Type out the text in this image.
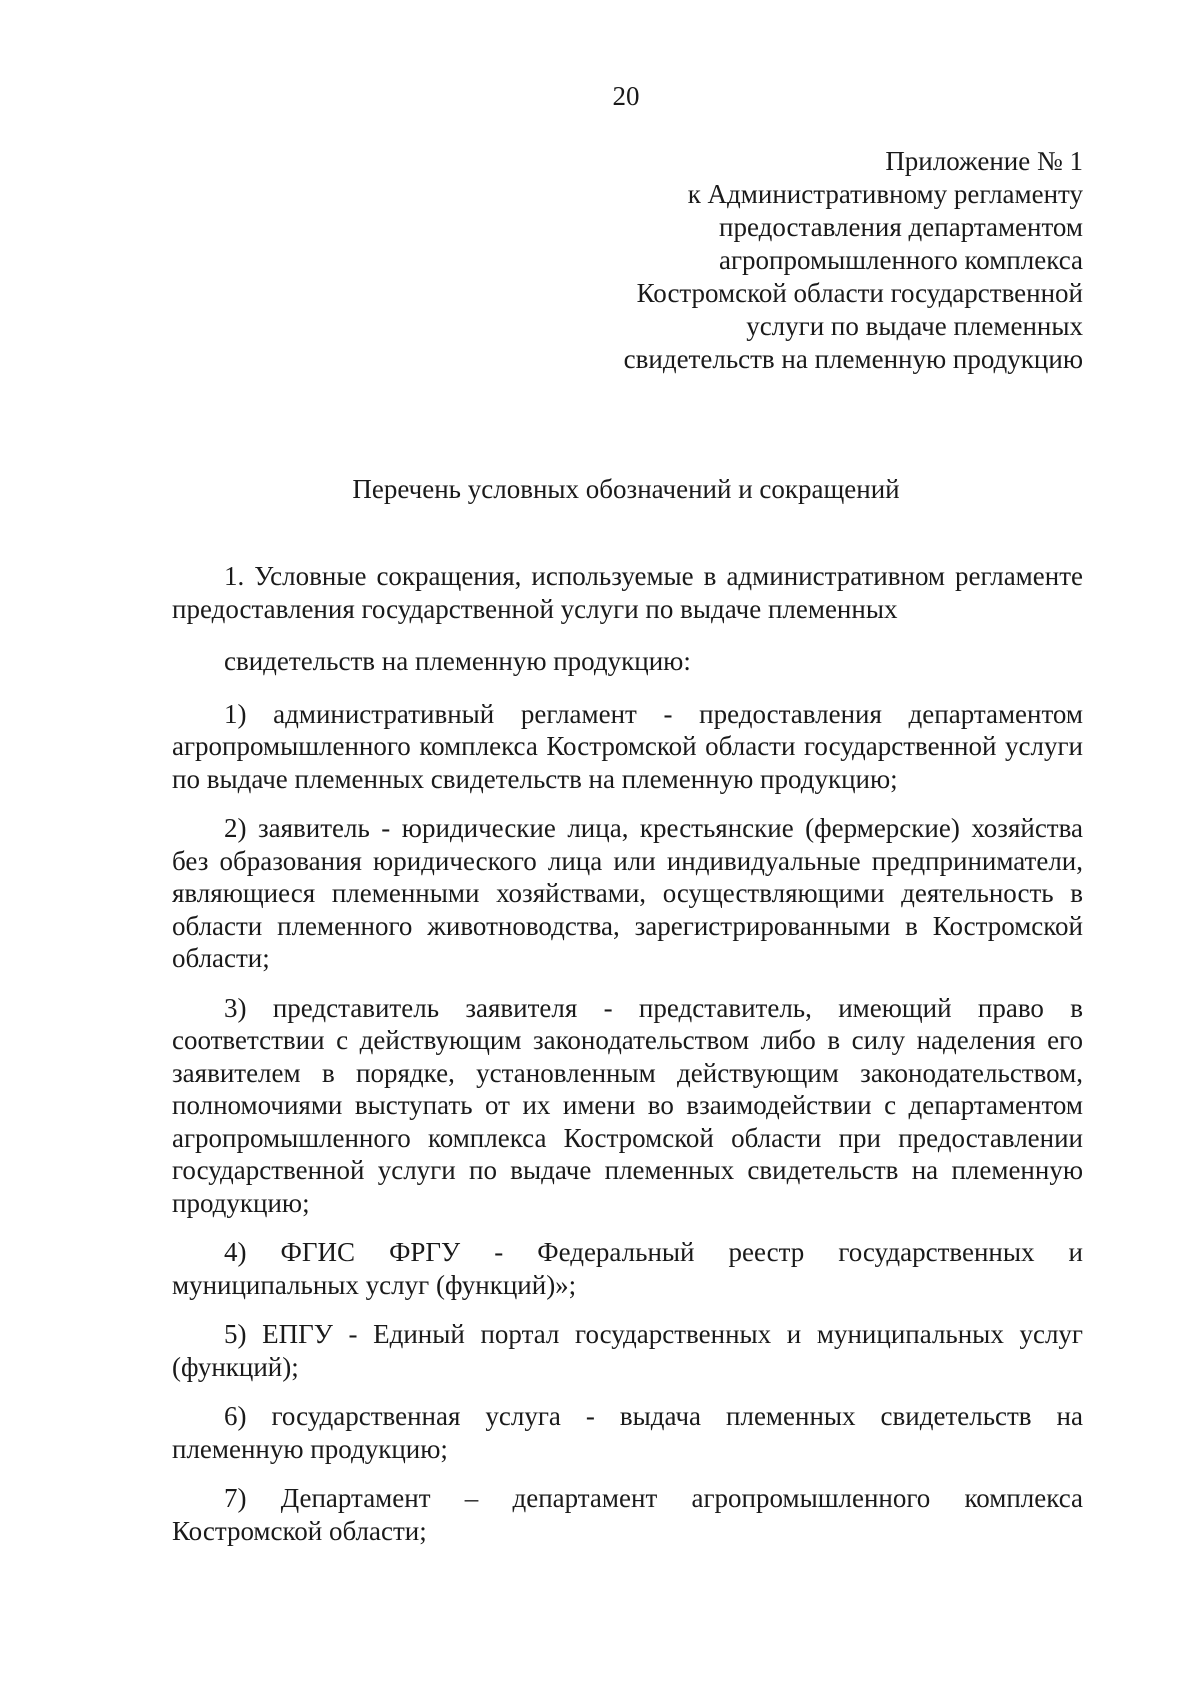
20
Приложение № 1
к Административному регламенту
предоставления департаментом
агропромышленного комплекса
Костромской области государственной
услуги по выдаче племенных
свидетельств на племенную продукцию
Перечень условных обозначений и сокращений

1. Условные сокращения, используемые в административном регламенте предоставления государственной услуги по выдаче племенных

свидетельств на племенную продукцию:

1) административный регламент - предоставления департаментом агропромышленного комплекса Костромской области государственной услуги по выдаче племенных свидетельств на племенную продукцию;

2) заявитель - юридические лица, крестьянские (фермерские) хозяйства без образования юридического лица или индивидуальные предприниматели, являющиеся племенными хозяйствами, осуществляющими деятельность в области племенного животноводства, зарегистрированными в Костромской области;

3) представитель заявителя - представитель, имеющий право в соответствии с действующим законодательством либо в силу наделения его заявителем в порядке, установленным действующим законодательством, полномочиями выступать от их имени во взаимодействии с департаментом агропромышленного комплекса Костромской области при предоставлении государственной услуги по выдаче племенных свидетельств на племенную продукцию;

4) ФГИС ФРГУ - Федеральный реестр государственных и муниципальных услуг (функций)»;

5) ЕПГУ - Единый портал государственных и муниципальных услуг (функций);

6) государственная услуга - выдача племенных свидетельств на племенную продукцию;

7) Департамент – департамент агропромышленного комплекса Костромской области;
